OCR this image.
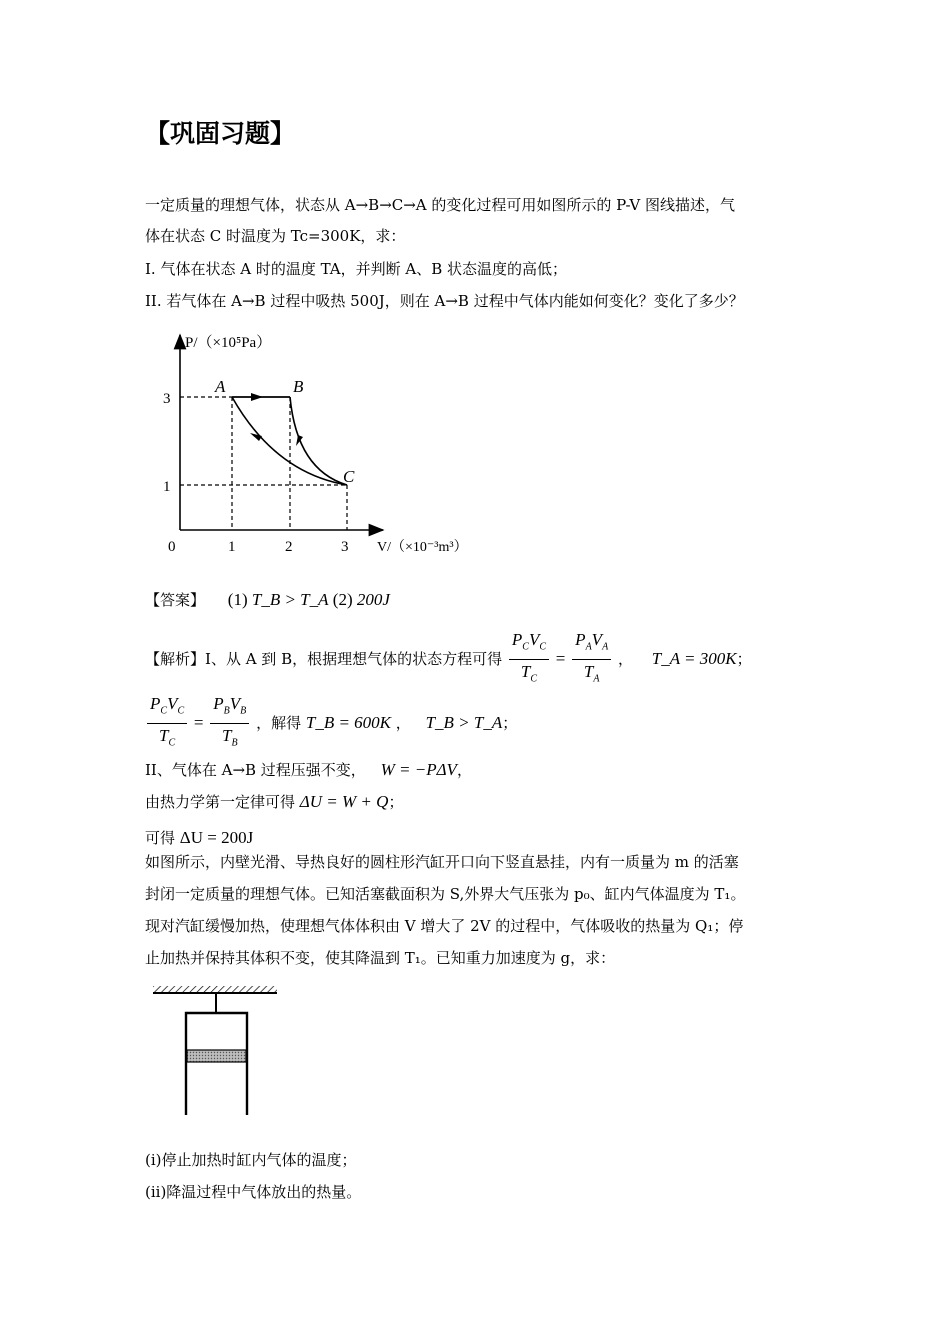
【巩固习题】
一定质量的理想气体，状态从 A→B→C→A 的变化过程可用如图所示的 P-V 图线描述，气
体在状态 C 时温度为 Tc=300K，求：
I. 气体在状态 A 时的温度 TA，并判断 A、B 状态温度的高低；
II. 若气体在 A→B 过程中吸热 500J，则在 A→B 过程中气体内能如何变化？变化了多少？
P/（×10⁵Pa）
V/（×10⁻³m³）
0	1	2	3
1
3
A	B
C
【答案】 (1) T_B > T_A (2) 200J
【解析】I、从 A 到 B，根据理想气体的状态方程可得 $\frac{P_CV_C}{T_C} = \frac{P_AV_A}{T_A}$ ， T_A = 300K；
$\frac{P_CV_C}{T_C} = \frac{P_BV_B}{T_B}$ ，解得 T_B = 600K ， T_B > T_A；
II、气体在 A→B 过程压强不变， W = −PΔV，
由热力学第一定律可得 ΔU = W + Q；
可得 ΔU = 200J
如图所示，内壁光滑、导热良好的圆柱形汽缸开口向下竖直悬挂，内有一质量为 m 的活塞
封闭一定质量的理想气体。已知活塞截面积为 S,外界大气压张为 p₀、缸内气体温度为 T₁。
现对汽缸缓慢加热，使理想气体体积由 V 增大了 2V 的过程中，气体吸收的热量为 Q₁；停
止加热并保持其体积不变，使其降温到 T₁。已知重力加速度为 g，求：
(i)停止加热时缸内气体的温度；
(ii)降温过程中气体放出的热量。
